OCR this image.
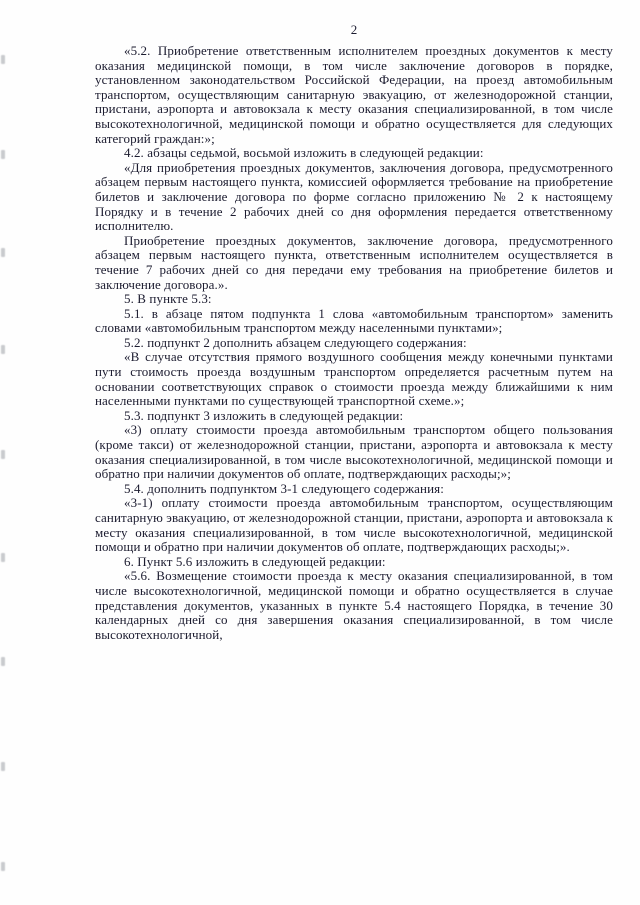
2

«5.2. Приобретение ответственным исполнителем проездных документов к месту оказания медицинской помощи, в том числе заключение договоров в порядке, установленном законодательством Российской Федерации, на проезд автомобильным транспортом, осуществляющим санитарную эвакуацию, от железнодорожной станции, пристани, аэропорта и автовокзала к месту оказания специализированной, в том числе высокотехнологичной, медицинской помощи и обратно осуществляется для следующих категорий граждан:»;

4.2. абзацы седьмой, восьмой изложить в следующей редакции:

«Для приобретения проездных документов, заключения договора, предусмотренного абзацем первым настоящего пункта, комиссией оформляется требование на приобретение билетов и заключение договора по форме согласно приложению № 2 к настоящему Порядку и в течение 2 рабочих дней со дня оформления передается ответственному исполнителю.

Приобретение проездных документов, заключение договора, предусмотренного абзацем первым настоящего пункта, ответственным исполнителем осуществляется в течение 7 рабочих дней со дня передачи ему требования на приобретение билетов и заключение договора.».

5. В пункте 5.3:

5.1. в абзаце пятом подпункта 1 слова «автомобильным транспортом» заменить словами «автомобильным транспортом между населенными пунктами»;

5.2. подпункт 2 дополнить абзацем следующего содержания:

«В случае отсутствия прямого воздушного сообщения между конечными пунктами пути стоимость проезда воздушным транспортом определяется расчетным путем на основании соответствующих справок о стоимости проезда между ближайшими к ним населенными пунктами по существующей транспортной схеме.»;

5.3. подпункт 3 изложить в следующей редакции:

«3) оплату стоимости проезда автомобильным транспортом общего пользования (кроме такси) от железнодорожной станции, пристани, аэропорта и автовокзала к месту оказания специализированной, в том числе высокотехнологичной, медицинской помощи и обратно при наличии документов об оплате, подтверждающих расходы;»;

5.4. дополнить подпунктом 3-1 следующего содержания:

«3-1) оплату стоимости проезда автомобильным транспортом, осуществляющим санитарную эвакуацию, от железнодорожной станции, пристани, аэропорта и автовокзала к месту оказания специализированной, в том числе высокотехнологичной, медицинской помощи и обратно при наличии документов об оплате, подтверждающих расходы;».

6. Пункт 5.6 изложить в следующей редакции:

«5.6. Возмещение стоимости проезда к месту оказания специализированной, в том числе высокотехнологичной, медицинской помощи и обратно осуществляется в случае представления документов, указанных в пункте 5.4 настоящего Порядка, в течение 30 календарных дней со дня завершения оказания специализированной, в том числе высокотехнологичной,
